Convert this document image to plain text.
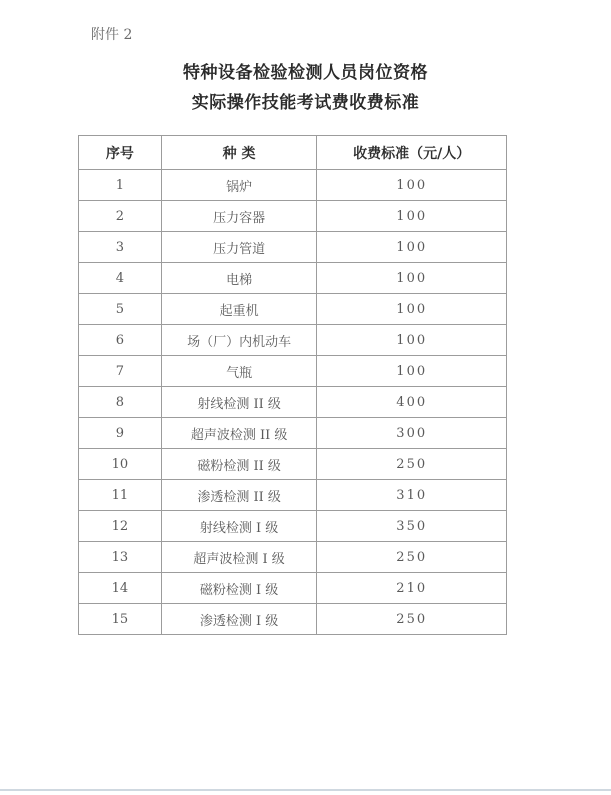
附件 2
特种设备检验检测人员岗位资格
实际操作技能考试费收费标准
序号	种 类	收费标准（元/人）
1	锅炉	100
2	压力容器	100
3	压力管道	100
4	电梯	100
5	起重机	100
6	场（厂）内机动车	100
7	气瓶	100
8	射线检测 II 级	400
9	超声波检测 II 级	300
10	磁粉检测 II 级	250
11	渗透检测 II 级	310
12	射线检测 I 级	350
13	超声波检测 I 级	250
14	磁粉检测 I 级	210
15	渗透检测 I 级	250
